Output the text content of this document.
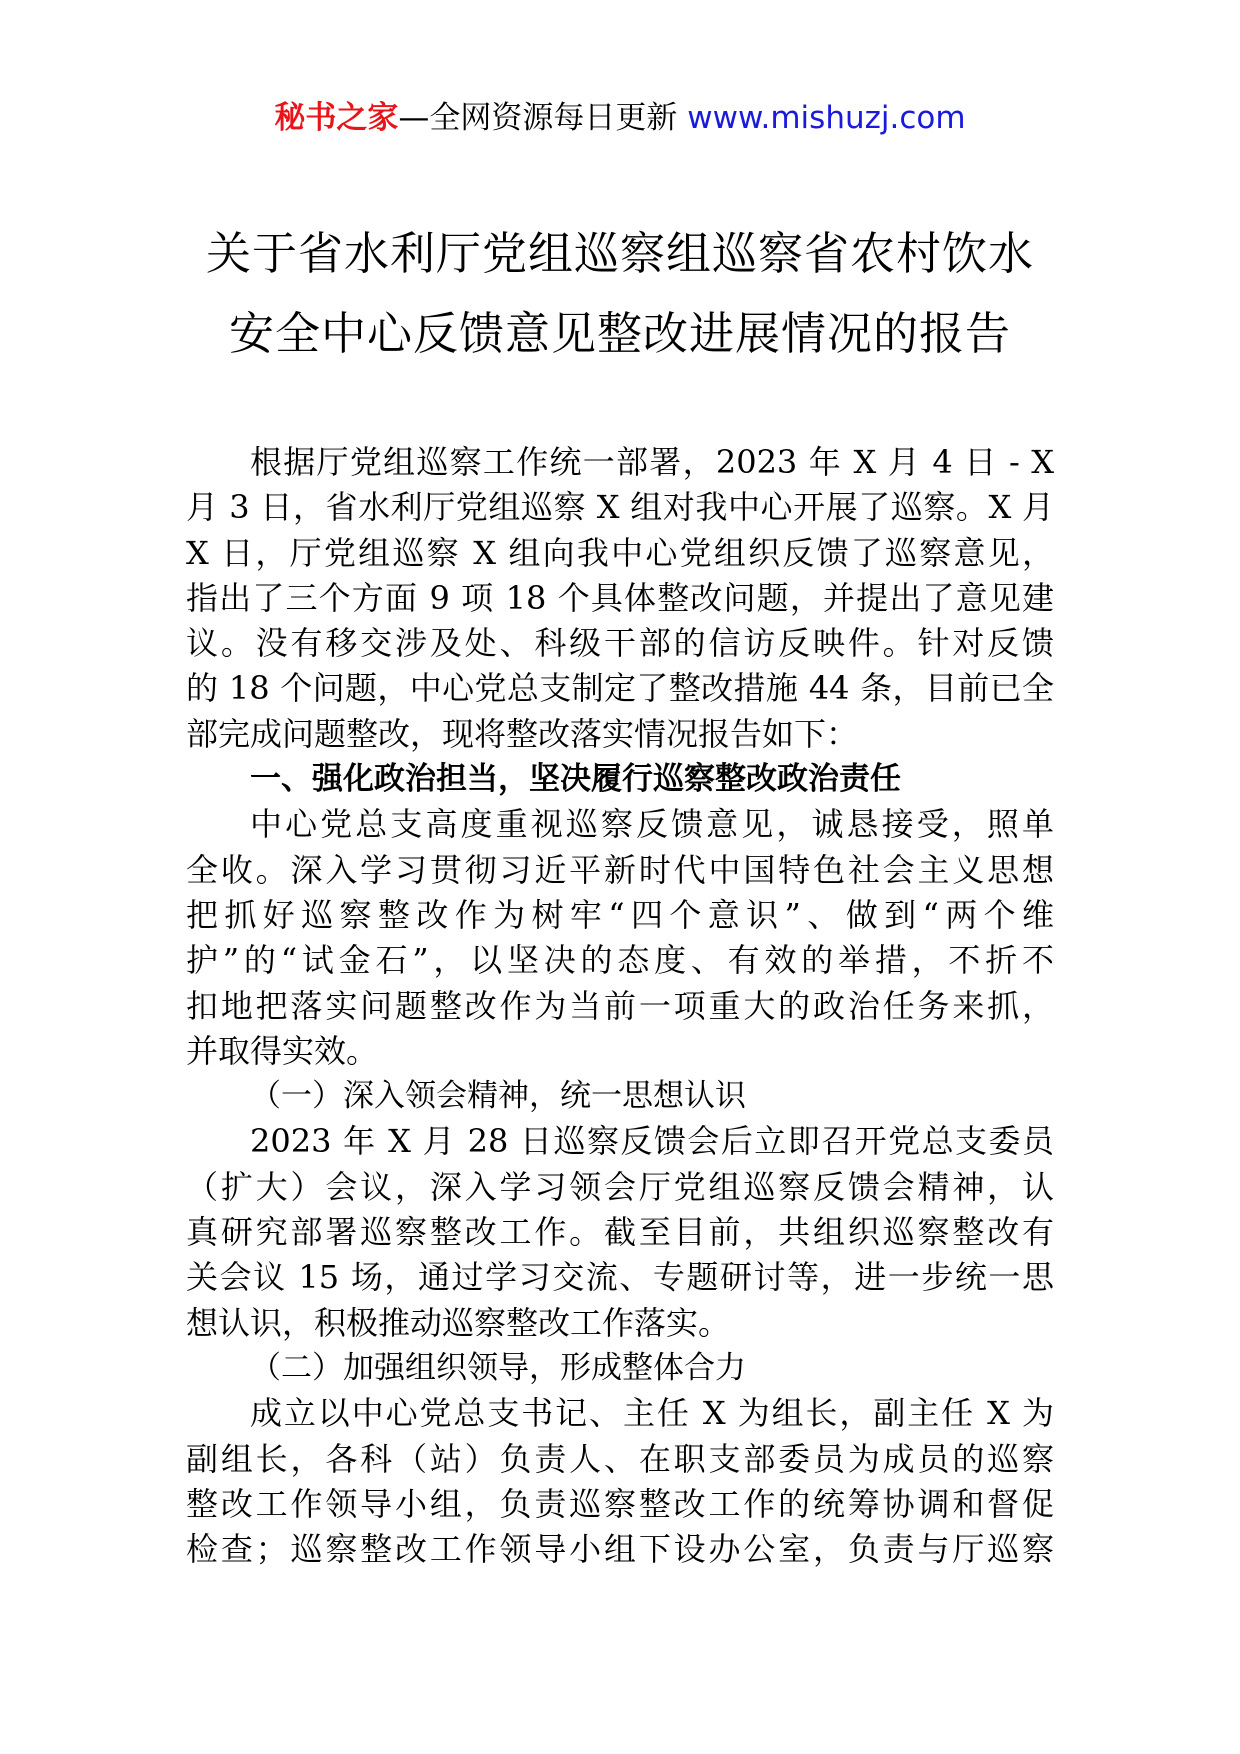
秘书之家—全网资源每日更新 www.mishuzj.com
关于省水利厅党组巡察组巡察省农村饮水
安全中心反馈意见整改进展情况的报告
根据厅党组巡察工作统一部署，2023 年 X 月 4 日 - X
月 3 日，省水利厅党组巡察 X 组对我中心开展了巡察。X 月
X 日，厅党组巡察 X 组向我中心党组织反馈了巡察意见，
指出了三个方面 9 项 18 个具体整改问题，并提出了意见建
议。没有移交涉及处、科级干部的信访反映件。针对反馈
的 18 个问题，中心党总支制定了整改措施 44 条，目前已全
部完成问题整改，现将整改落实情况报告如下：
一、强化政治担当，坚决履行巡察整改政治责任
中心党总支高度重视巡察反馈意见，诚恳接受，照单
全收。深入学习贯彻习近平新时代中国特色社会主义思想
把抓好巡察整改作为树牢“四个意识”、做到“两个维
护”的“试金石”，以坚决的态度、有效的举措，不折不
扣地把落实问题整改作为当前一项重大的政治任务来抓，
并取得实效。
（一）深入领会精神，统一思想认识
2023 年 X 月 28 日巡察反馈会后立即召开党总支委员
（扩大）会议，深入学习领会厅党组巡察反馈会精神，认
真研究部署巡察整改工作。截至目前，共组织巡察整改有
关会议 15 场，通过学习交流、专题研讨等，进一步统一思
想认识，积极推动巡察整改工作落实。
（二）加强组织领导，形成整体合力
成立以中心党总支书记、主任 X 为组长，副主任 X 为
副组长，各科（站）负责人、在职支部委员为成员的巡察
整改工作领导小组，负责巡察整改工作的统筹协调和督促
检查；巡察整改工作领导小组下设办公室，负责与厅巡察
